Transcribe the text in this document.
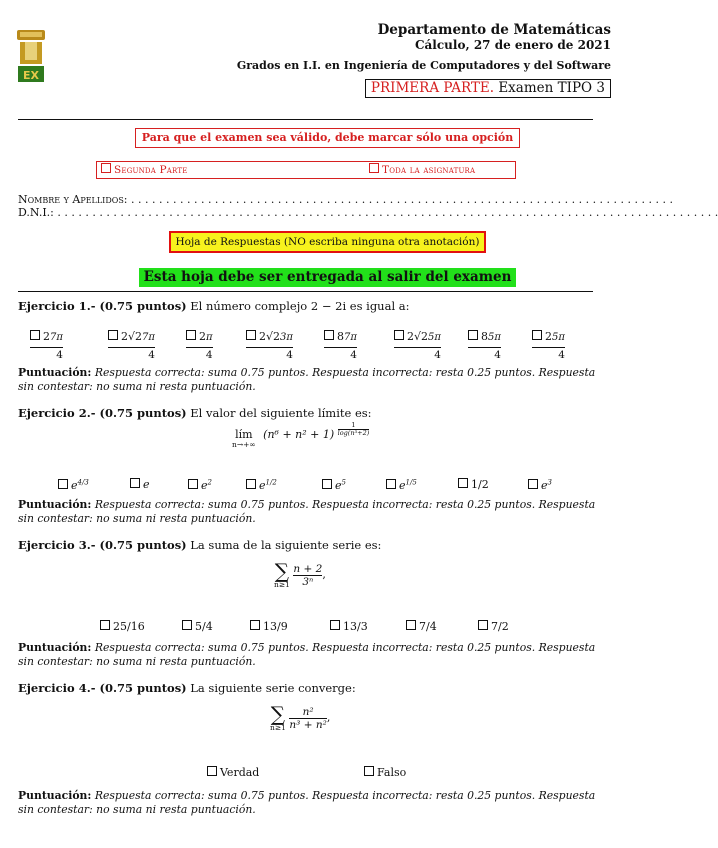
EX
Departamento de Matemáticas
Cálculo, 27 de enero de 2021
Grados en I.I. en Ingeniería de Computadores y del Software
PRIMERA PARTE. Examen TIPO 3
Para que el examen sea válido, debe marcar sólo una opción
Segunda Parte	Toda la asignatura
Nombre y Apellidos: . . . . . . . . . . . . . . . . . . . . . . . . . . . . . . . . . . . . . . . . . . . . . . . . . . . . . . . . . . . . . . . . . . . . . . . . . . . . . .
D.N.I.: . . . . . . . . . . . . . . . . . . . . . . . . . . . . . . . . . . . . . . . . . . . . . . . . . . . . . . . . . . . . . . . . . . . . . . . . . . . . . . . . . . . . . . . . . . . . . . .
Hoja de Respuestas (NO escriba ninguna otra anotación)
Esta hoja debe ser entregada al salir del examen
Ejercicio 1.- (0.75 puntos) El número complejo 2 − 2i es igual a:
27π
4
2√27π
4
2π
4
2√23π
4
87π
4
2√25π
4
85π
4
25π
4
Puntuación: Respuesta correcta: suma 0.75 puntos. Respuesta incorrecta: resta 0.25 puntos. Respuesta sin contestar: no suma ni resta puntuación.
Ejercicio 2.- (0.75 puntos) El valor del siguiente límite es:
lím
n→+∞
$(n^6 + n^2 + 1) \frac{1}{\text{log(n³+2)}}$
$e^{4/3}$	e	$e^2$	$e^{1/2}$	$e^5$	$e^{1/5}$	1/2	$e^3$
Puntuación: Respuesta correcta: suma 0.75 puntos. Respuesta incorrecta: resta 0.25 puntos. Respuesta sin contestar: no suma ni resta puntuación.
Ejercicio 3.- (0.75 puntos) La suma de la siguiente serie es:
∑
n≥1
$\frac{n + 2}{\text{3ⁿ}}$ ,
25/16	5/4	13/9	13/3	7/4	7/2
Puntuación: Respuesta correcta: suma 0.75 puntos. Respuesta incorrecta: resta 0.25 puntos. Respuesta sin contestar: no suma ni resta puntuación.
Ejercicio 4.- (0.75 puntos) La siguiente serie converge:
∑
n≥1
$\frac{\text{n²}}{\text{n³ + n²}}$ ,
Verdad	Falso
Puntuación: Respuesta correcta: suma 0.75 puntos. Respuesta incorrecta: resta 0.25 puntos. Respuesta sin contestar: no suma ni resta puntuación.
